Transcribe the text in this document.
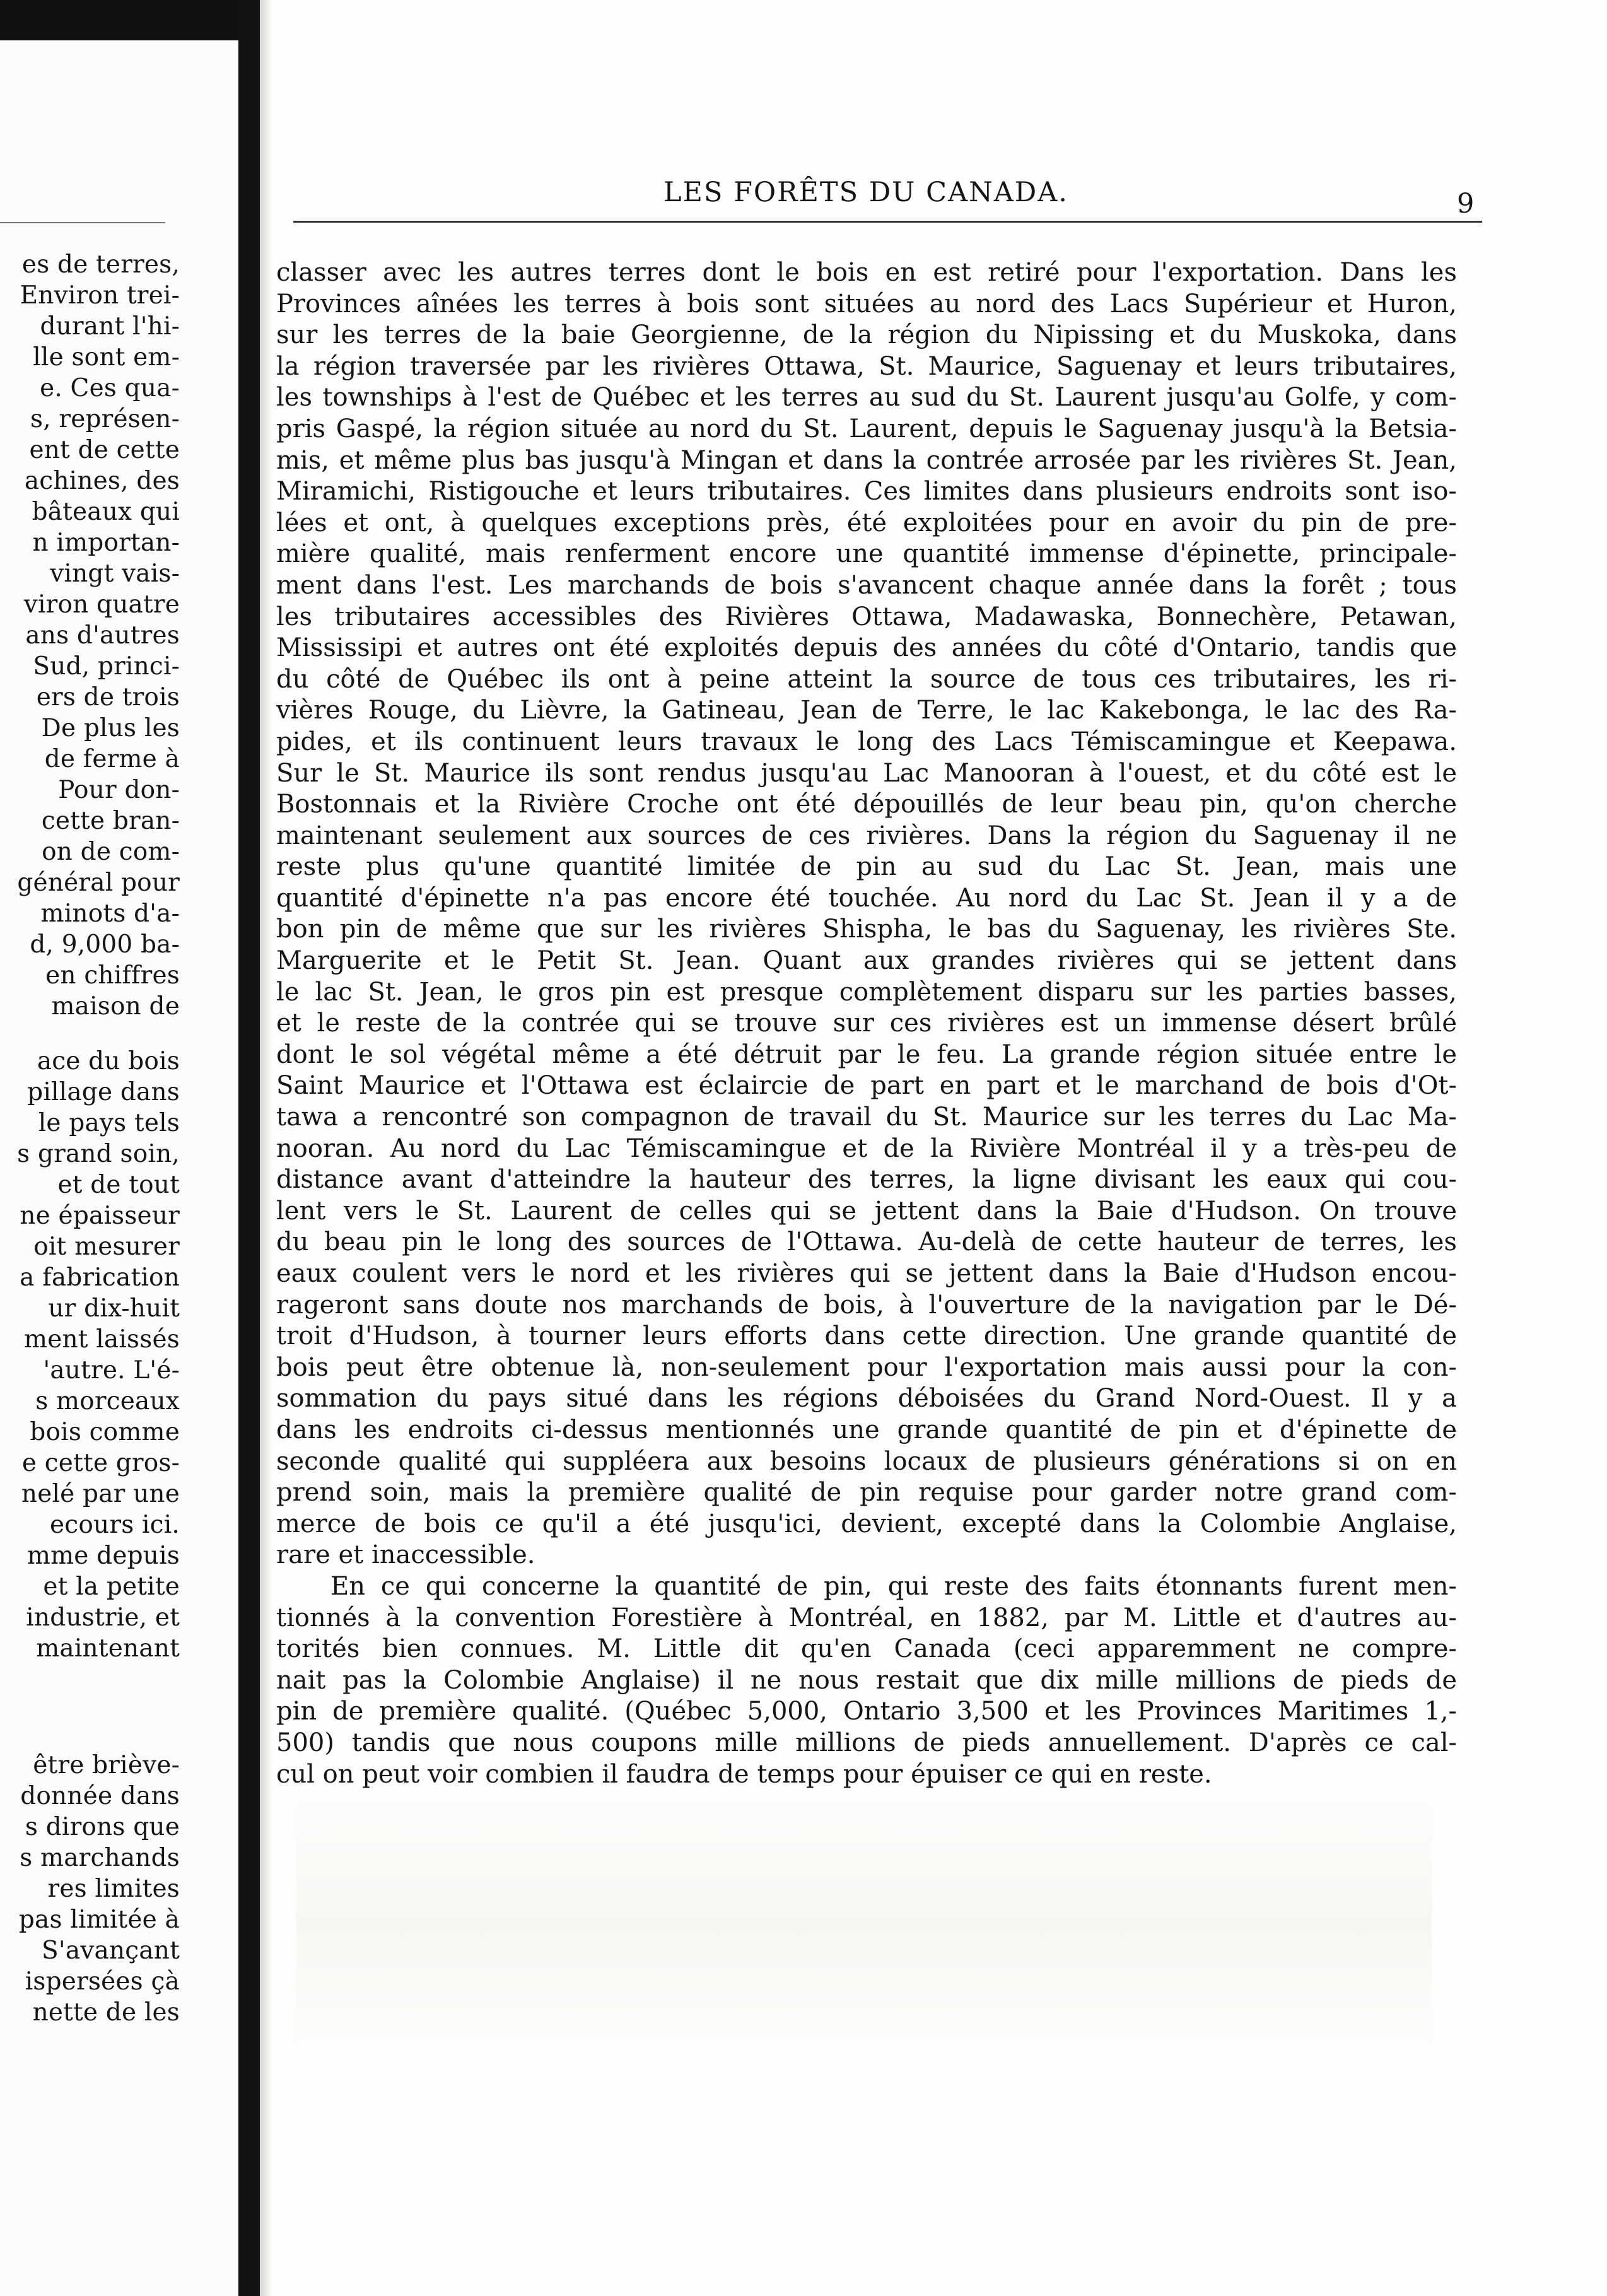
es de terres,
Environ trei-
durant l'hi-
lle sont em-
e. Ces qua-
s, représen-
ent de cette
achines, des
bâteaux qui
n importan-
vingt vais-
viron quatre
ans d'autres
Sud, princi-
ers de trois
De plus les
de ferme à
Pour don-
cette bran-
on de com-
général pour
minots d'a-
d, 9,000 ba-
en chiffres
maison de
ace du bois
pillage dans
le pays tels
s grand soin,
et de tout
ne épaisseur
oit mesurer
a fabrication
ur dix-huit
ment laissés
'autre. L'é-
s morceaux
bois comme
e cette gros-
nelé par une
ecours ici.
mme depuis
et la petite
industrie, et
maintenant
être briève-
donnée dans
s dirons que
s marchands
res limites
pas limitée à
S'avançant
ispersées çà
nette de les
LES FORÊTS DU CANADA.	9
classer avec les autres terres dont le bois en est retiré pour l'exportation. Dans les
Provinces aînées les terres à bois sont situées au nord des Lacs Supérieur et Huron,
sur les terres de la baie Georgienne, de la région du Nipissing et du Muskoka, dans
la région traversée par les rivières Ottawa, St. Maurice, Saguenay et leurs tributaires,
les townships à l'est de Québec et les terres au sud du St. Laurent jusqu'au Golfe, y com-
pris Gaspé, la région située au nord du St. Laurent, depuis le Saguenay jusqu'à la Betsia-
mis, et même plus bas jusqu'à Mingan et dans la contrée arrosée par les rivières St. Jean,
Miramichi, Ristigouche et leurs tributaires. Ces limites dans plusieurs endroits sont iso-
lées et ont, à quelques exceptions près, été exploitées pour en avoir du pin de pre-
mière qualité, mais renferment encore une quantité immense d'épinette, principale-
ment dans l'est. Les marchands de bois s'avancent chaque année dans la forêt ; tous
les tributaires accessibles des Rivières Ottawa, Madawaska, Bonnechère, Petawan,
Mississipi et autres ont été exploités depuis des années du côté d'Ontario, tandis que
du côté de Québec ils ont à peine atteint la source de tous ces tributaires, les ri-
vières Rouge, du Lièvre, la Gatineau, Jean de Terre, le lac Kakebonga, le lac des Ra-
pides, et ils continuent leurs travaux le long des Lacs Témiscamingue et Keepawa.
Sur le St. Maurice ils sont rendus jusqu'au Lac Manooran à l'ouest, et du côté est le
Bostonnais et la Rivière Croche ont été dépouillés de leur beau pin, qu'on cherche
maintenant seulement aux sources de ces rivières. Dans la région du Saguenay il ne
reste plus qu'une quantité limitée de pin au sud du Lac St. Jean, mais une
quantité d'épinette n'a pas encore été touchée. Au nord du Lac St. Jean il y a de
bon pin de même que sur les rivières Shispha, le bas du Saguenay, les rivières Ste.
Marguerite et le Petit St. Jean. Quant aux grandes rivières qui se jettent dans
le lac St. Jean, le gros pin est presque complètement disparu sur les parties basses,
et le reste de la contrée qui se trouve sur ces rivières est un immense désert brûlé
dont le sol végétal même a été détruit par le feu. La grande région située entre le
Saint Maurice et l'Ottawa est éclaircie de part en part et le marchand de bois d'Ot-
tawa a rencontré son compagnon de travail du St. Maurice sur les terres du Lac Ma-
nooran. Au nord du Lac Témiscamingue et de la Rivière Montréal il y a très-peu de
distance avant d'atteindre la hauteur des terres, la ligne divisant les eaux qui cou-
lent vers le St. Laurent de celles qui se jettent dans la Baie d'Hudson. On trouve
du beau pin le long des sources de l'Ottawa. Au-delà de cette hauteur de terres, les
eaux coulent vers le nord et les rivières qui se jettent dans la Baie d'Hudson encou-
rageront sans doute nos marchands de bois, à l'ouverture de la navigation par le Dé-
troit d'Hudson, à tourner leurs efforts dans cette direction. Une grande quantité de
bois peut être obtenue là, non-seulement pour l'exportation mais aussi pour la con-
sommation du pays situé dans les régions déboisées du Grand Nord-Ouest. Il y a
dans les endroits ci-dessus mentionnés une grande quantité de pin et d'épinette de
seconde qualité qui suppléera aux besoins locaux de plusieurs générations si on en
prend soin, mais la première qualité de pin requise pour garder notre grand com-
merce de bois ce qu'il a été jusqu'ici, devient, excepté dans la Colombie Anglaise,
rare et inaccessible.
En ce qui concerne la quantité de pin, qui reste des faits étonnants furent men-
tionnés à la convention Forestière à Montréal, en 1882, par M. Little et d'autres au-
torités bien connues. M. Little dit qu'en Canada (ceci apparemment ne compre-
nait pas la Colombie Anglaise) il ne nous restait que dix mille millions de pieds de
pin de première qualité. (Québec 5,000, Ontario 3,500 et les Provinces Maritimes 1,-
500) tandis que nous coupons mille millions de pieds annuellement. D'après ce cal-
cul on peut voir combien il faudra de temps pour épuiser ce qui en reste.
